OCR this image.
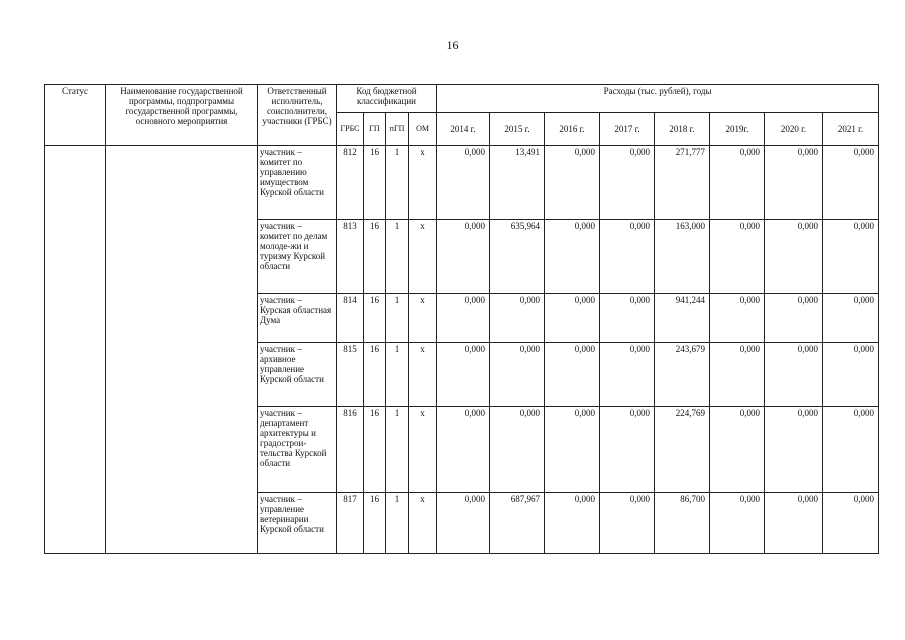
16
Статус	Наименование государственной программы, подпрограммы государственной программы, основного мероприятия	Ответственный исполнитель, соисполнители, участники (ГРБС)	Код бюджетной классификации				Расходы (тыс. рублей), годы							
			ГРБС	ГП	пГП	ОМ	2014 г.	2015 г.	2016 г.	2017 г.	2018 г.	2019г.	2020 г.	2021 г.
		участник – комитет по управлению имуществом Курской области	812	16	1	x	0,000	13,491	0,000	0,000	271,777	0,000	0,000	0,000
		участник – комитет по делам молоде-жи и туризму Курской области	813	16	1	x	0,000	635,964	0,000	0,000	163,000	0,000	0,000	0,000
		участник – Курская областная Дума	814	16	1	x	0,000	0,000	0,000	0,000	941,244	0,000	0,000	0,000
		участник – архивное управление Курской области	815	16	1	x	0,000	0,000	0,000	0,000	243,679	0,000	0,000	0,000
		участник – департамент архитектуры и градострои-тельства Курской области	816	16	1	x	0,000	0,000	0,000	0,000	224,769	0,000	0,000	0,000
		участник – управление ветеринарии Курской области	817	16	1	x	0,000	687,967	0,000	0,000	86,700	0,000	0,000	0,000
